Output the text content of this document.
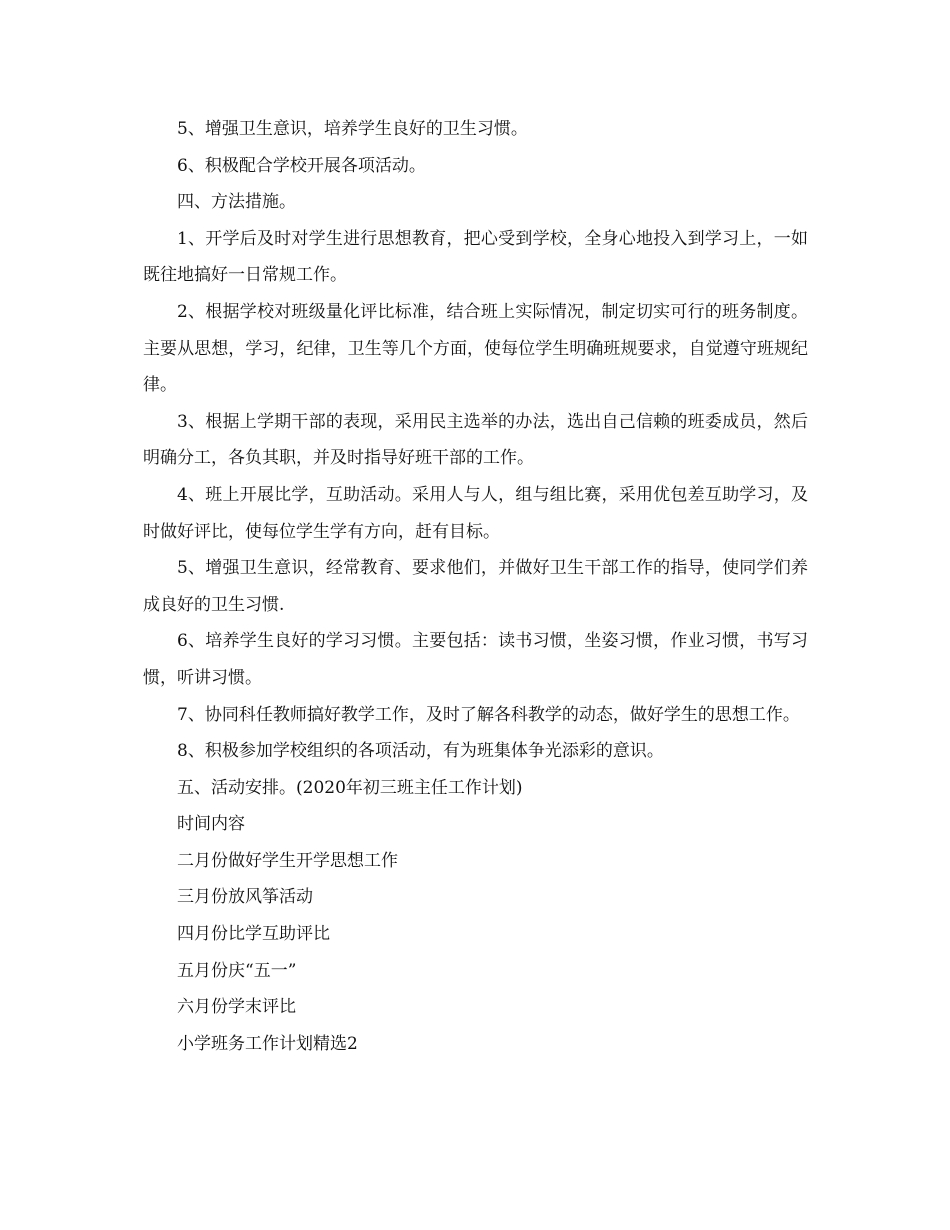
5、增强卫生意识，培养学生良好的卫生习惯。

6、积极配合学校开展各项活动。

四、方法措施。

1、开学后及时对学生进行思想教育，把心受到学校，全身心地投入到学习上，一如既往地搞好一日常规工作。

2、根据学校对班级量化评比标准，结合班上实际情况，制定切实可行的班务制度。主要从思想，学习，纪律，卫生等几个方面，使每位学生明确班规要求，自觉遵守班规纪律。

3、根据上学期干部的表现，采用民主选举的办法，选出自己信赖的班委成员，然后明确分工，各负其职，并及时指导好班干部的工作。

4、班上开展比学，互助活动。采用人与人，组与组比赛，采用优包差互助学习，及时做好评比，使每位学生学有方向，赶有目标。

5、增强卫生意识，经常教育、要求他们，并做好卫生干部工作的指导，使同学们养成良好的卫生习惯.

6、培养学生良好的学习习惯。主要包括：读书习惯，坐姿习惯，作业习惯，书写习惯，听讲习惯。

7、协同科任教师搞好教学工作，及时了解各科教学的动态，做好学生的思想工作。

8、积极参加学校组织的各项活动，有为班集体争光添彩的意识。

五、活动安排。(2020年初三班主任工作计划)

时间内容

二月份做好学生开学思想工作

三月份放风筝活动

四月份比学互助评比

五月份庆“五一”

六月份学末评比

小学班务工作计划精选2
